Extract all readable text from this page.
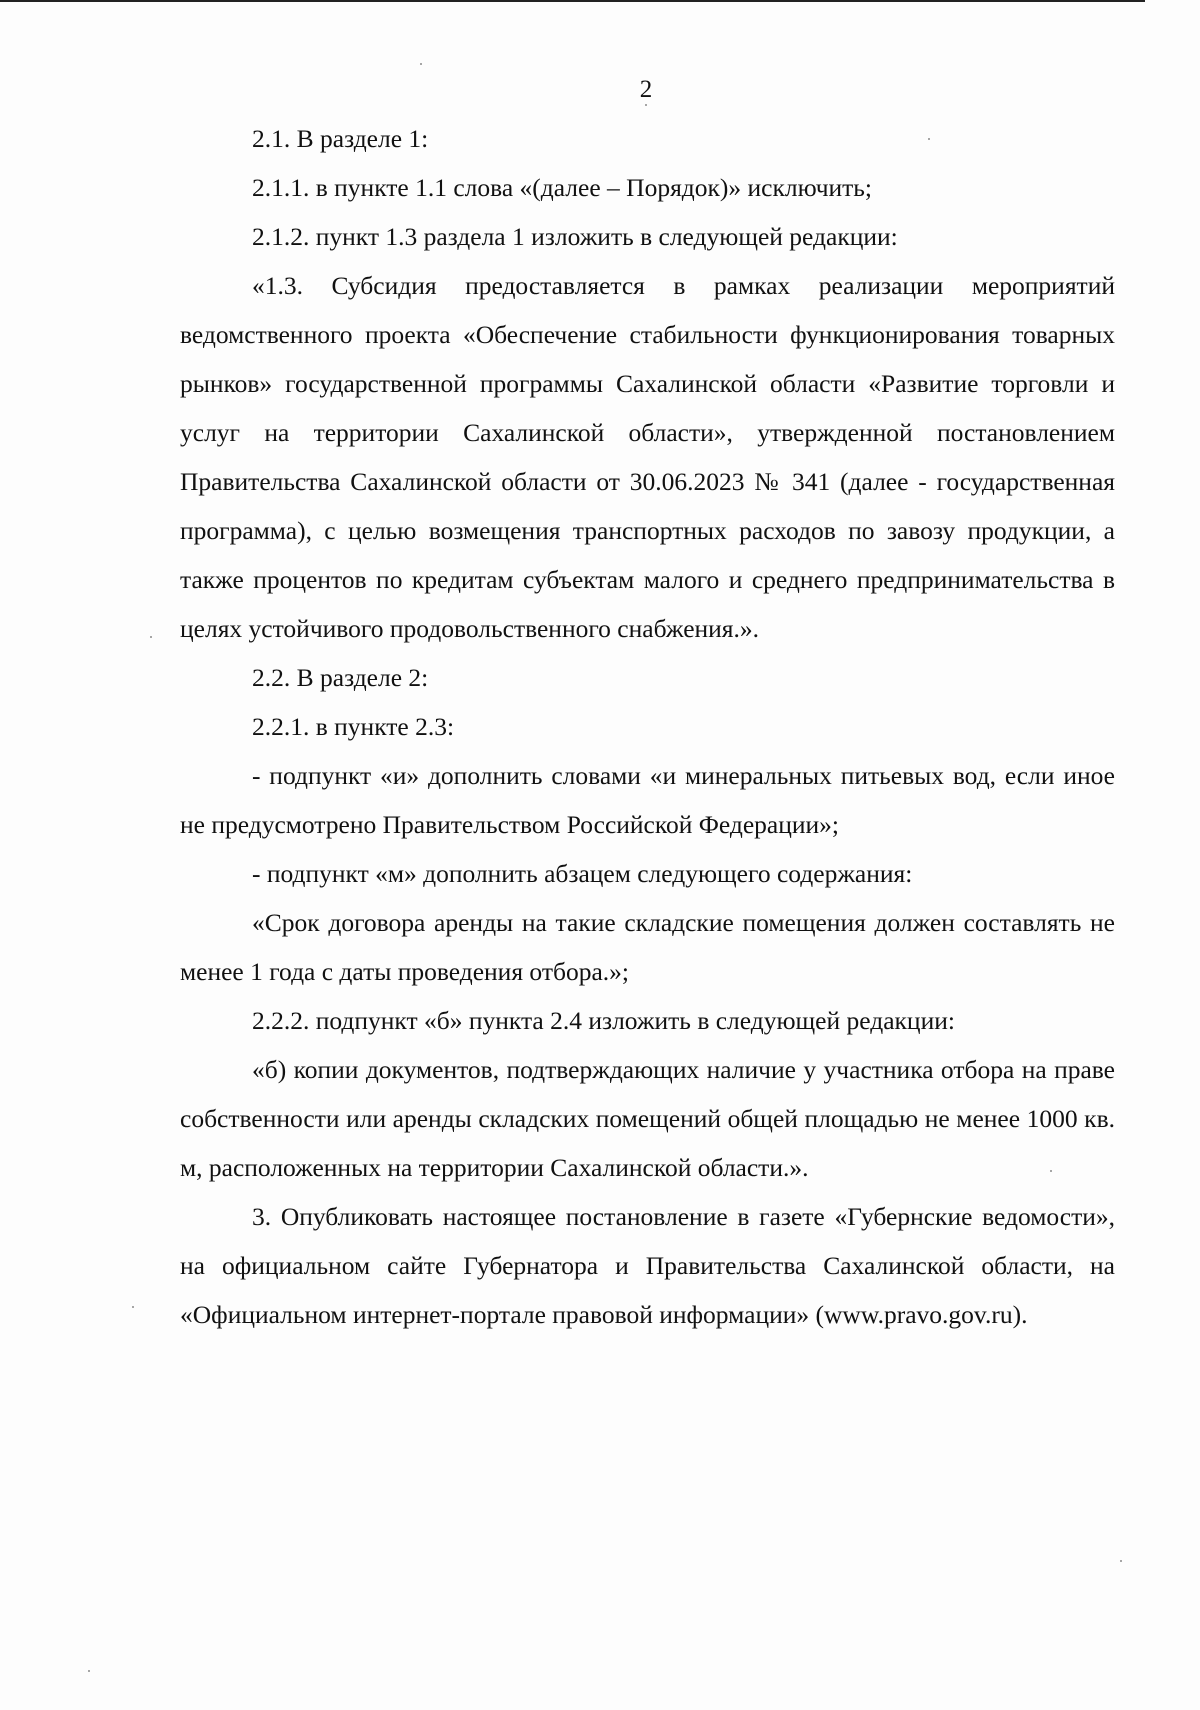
2

2.1. В разделе 1:

2.1.1. в пункте 1.1 слова «(далее – Порядок)» исключить;

2.1.2. пункт 1.3 раздела 1 изложить в следующей редакции:

«1.3. Субсидия предоставляется в рамках реализации мероприятий ведомственного проекта «Обеспечение стабильности функционирования товарных рынков» государственной программы Сахалинской области «Развитие торговли и услуг на территории Сахалинской области», утвержденной постановлением Правительства Сахалинской области от 30.06.2023 № 341 (далее - государственная программа), с целью возмещения транспортных расходов по завозу продукции, а также процентов по кредитам субъектам малого и среднего предпринимательства в целях устойчивого продовольственного снабжения.».

2.2. В разделе 2:

2.2.1. в пункте 2.3:

- подпункт «и» дополнить словами «и минеральных питьевых вод, если иное не предусмотрено Правительством Российской Федерации»;

- подпункт «м» дополнить абзацем следующего содержания:

«Срок договора аренды на такие складские помещения должен составлять не менее 1 года с даты проведения отбора.»;

2.2.2. подпункт «б» пункта 2.4 изложить в следующей редакции:

«б) копии документов, подтверждающих наличие у участника отбора на праве собственности или аренды складских помещений общей площадью не менее 1000 кв. м, расположенных на территории Сахалинской области.».

3. Опубликовать настоящее постановление в газете «Губернские ведомости», на официальном сайте Губернатора и Правительства Сахалинской области, на «Официальном интернет-портале правовой информации» (www.pravo.gov.ru).
